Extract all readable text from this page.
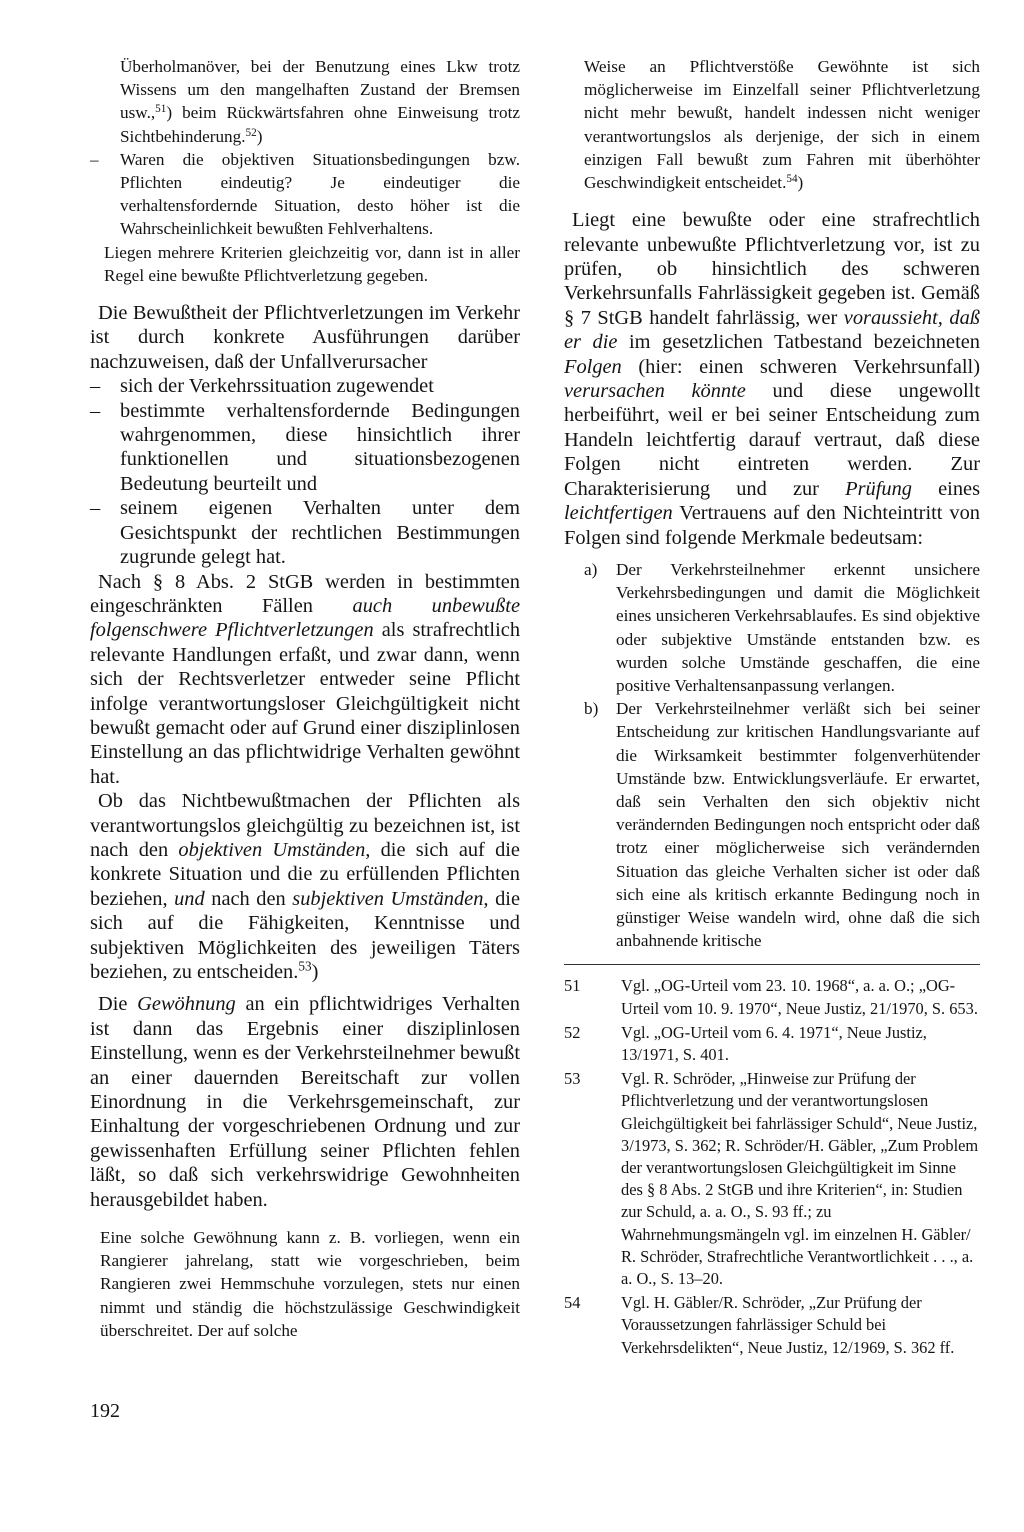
Überholmanöver, bei der Benutzung eines Lkw trotz Wissens um den mangelhaften Zustand der Bremsen usw.,$^{51}$) beim Rückwärtsfahren ohne Einweisung trotz Sichtbehinderung.$^{52}$)

– Waren die objektiven Situationsbedingungen bzw. Pflichten eindeutig? Je eindeutiger die verhaltensfordernde Situation, desto höher ist die Wahrscheinlichkeit bewußten Fehlverhaltens.

Liegen mehrere Kriterien gleichzeitig vor, dann ist in aller Regel eine bewußte Pflichtverletzung gegeben.

Die Bewußtheit der Pflichtverletzungen im Verkehr ist durch konkrete Ausführungen darüber nachzuweisen, daß der Unfallverursacher

– sich der Verkehrssituation zugewendet
– bestimmte verhaltensfordernde Bedingungen wahrgenommen, diese hinsichtlich ihrer funktionellen und situationsbezogenen Bedeutung beurteilt und
– seinem eigenen Verhalten unter dem Gesichtspunkt der rechtlichen Bestimmungen zugrunde gelegt hat.

Nach § 8 Abs. 2 StGB werden in bestimmten eingeschränkten Fällen auch unbewußte folgenschwere Pflichtverletzungen als strafrechtlich relevante Handlungen erfaßt, und zwar dann, wenn sich der Rechtsverletzer entweder seine Pflicht infolge verantwortungsloser Gleichgültigkeit nicht bewußt gemacht oder auf Grund einer disziplinlosen Einstellung an das pflichtwidrige Verhalten gewöhnt hat.

Ob das Nichtbewußtmachen der Pflichten als verantwortungslos gleichgültig zu bezeichnen ist, ist nach den objektiven Umständen, die sich auf die konkrete Situation und die zu erfüllenden Pflichten beziehen, und nach den subjektiven Umständen, die sich auf die Fähigkeiten, Kenntnisse und subjektiven Möglichkeiten des jeweiligen Täters beziehen, zu entscheiden.$^{53}$)

Die Gewöhnung an ein pflichtwidriges Verhalten ist dann das Ergebnis einer disziplinlosen Einstellung, wenn es der Verkehrsteilnehmer bewußt an einer dauernden Bereitschaft zur vollen Einordnung in die Verkehrsgemeinschaft, zur Einhaltung der vorgeschriebenen Ordnung und zur gewissenhaften Erfüllung seiner Pflichten fehlen läßt, so daß sich verkehrswidrige Gewohnheiten herausgebildet haben.

Eine solche Gewöhnung kann z. B. vorliegen, wenn ein Rangierer jahrelang, statt wie vorgeschrieben, beim Rangieren zwei Hemmschuhe vorzulegen, stets nur einen nimmt und ständig die höchstzulässige Geschwindigkeit überschreitet. Der auf solche

Weise an Pflichtverstöße Gewöhnte ist sich möglicherweise im Einzelfall seiner Pflichtverletzung nicht mehr bewußt, handelt indessen nicht weniger verantwortungslos als derjenige, der sich in einem einzigen Fall bewußt zum Fahren mit überhöhter Geschwindigkeit entscheidet.$^{54}$)

Liegt eine bewußte oder eine strafrechtlich relevante unbewußte Pflichtverletzung vor, ist zu prüfen, ob hinsichtlich des schweren Verkehrsunfalls Fahrlässigkeit gegeben ist. Gemäß § 7 StGB handelt fahrlässig, wer voraussieht, daß er die im gesetzlichen Tatbestand bezeichneten Folgen (hier: einen schweren Verkehrsunfall) verursachen könnte und diese ungewollt herbeiführt, weil er bei seiner Entscheidung zum Handeln leichtfertig darauf vertraut, daß diese Folgen nicht eintreten werden. Zur Charakterisierung und zur Prüfung eines leichtfertigen Vertrauens auf den Nichteintritt von Folgen sind folgende Merkmale bedeutsam:

a) Der Verkehrsteilnehmer erkennt unsichere Verkehrsbedingungen und damit die Möglichkeit eines unsicheren Verkehrsablaufes. Es sind objektive oder subjektive Umstände entstanden bzw. es wurden solche Umstände geschaffen, die eine positive Verhaltensanpassung verlangen.
b) Der Verkehrsteilnehmer verläßt sich bei seiner Entscheidung zur kritischen Handlungsvariante auf die Wirksamkeit bestimmter folgenverhütender Umstände bzw. Entwicklungsverläufe. Er erwartet, daß sein Verhalten den sich objektiv nicht verändernden Bedingungen noch entspricht oder daß trotz einer möglicherweise sich verändernden Situation das gleiche Verhalten sicher ist oder daß sich eine als kritisch erkannte Bedingung noch in günstiger Weise wandeln wird, ohne daß die sich anbahnende kritische
51 Vgl. „OG-Urteil vom 23. 10. 1968“, a. a. O.; „OG-Urteil vom 10. 9. 1970“, Neue Justiz, 21/1970, S. 653.
52 Vgl. „OG-Urteil vom 6. 4. 1971“, Neue Justiz, 13/1971, S. 401.
53 Vgl. R. Schröder, „Hinweise zur Prüfung der Pflichtverletzung und der verantwortungslosen Gleichgültigkeit bei fahrlässiger Schuld“, Neue Justiz, 3/1973, S. 362; R. Schröder/H. Gäbler, „Zum Problem der verantwortungslosen Gleichgültigkeit im Sinne des § 8 Abs. 2 StGB und ihre Kriterien“, in: Studien zur Schuld, a. a. O., S. 93 ff.; zu Wahrnehmungsmängeln vgl. im einzelnen H. Gäbler/ R. Schröder, Strafrechtliche Verantwortlichkeit . . ., a. a. O., S. 13–20.
54 Vgl. H. Gäbler/R. Schröder, „Zur Prüfung der Voraussetzungen fahrlässiger Schuld bei Verkehrsdelikten“, Neue Justiz, 12/1969, S. 362 ff.
192
